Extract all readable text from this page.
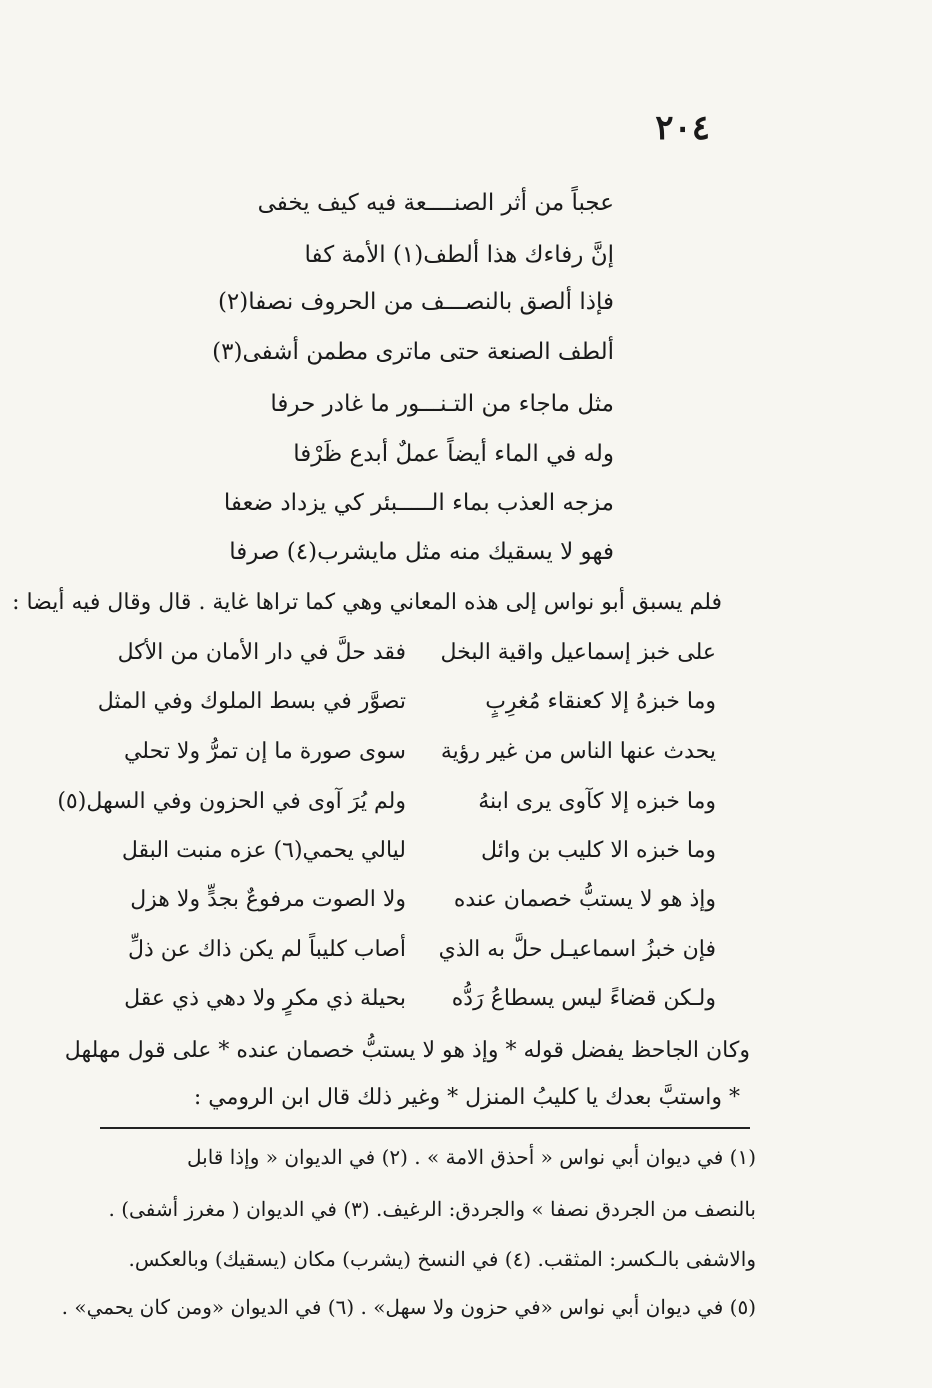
٢٠٤
عجباً من أثر الصنــــعة فيه كيف يخفى
إنَّ رفاءك هذا ألطف(١) الأمة كفا
فإذا ألصق بالنصـــف من الحروف نصفا(٢)
ألطف الصنعة حتى ماترى مطمن أشفى(٣)
مثل ماجاء من التـنـــور ما غادر حرفا
وله في الماء أيضاً عملٌ أبدع ظَرْفا
مزجه العذب بماء الـــــبئر كي يزداد ضعفا
فهو لا يسقيك منه مثل مايشرب(٤) صرفا
فلم يسبق أبو نواس إلى هذه المعاني وهي كما تراها غاية . قال وقال فيه أيضا :
على خبز إسماعيل واقية البخل
فقد حلَّ في دار الأمان من الأكل
وما خبزهُ إلا كعنقاء مُغرِبٍ
تصوَّر في بسط الملوك وفي المثل
يحدث عنها الناس من غير رؤية
سوى صورة ما إن تمرُّ ولا تحلي
وما خبزه إلا كآوى يرى ابنهُ
ولم يُرَ آوى في الحزون وفي السهل(٥)
وما خبزه الا كليب بن وائل
ليالي يحمي(٦) عزه منبت البقل
وإذ هو لا يستبُّ خصمان عنده
ولا الصوت مرفوعٌ بجدٍّ ولا هزل
فإن خبزُ اسماعيـل حلَّ به الذي
أصاب كليباً لم يكن ذاك عن ذلِّ
ولـكن قضاءً ليس يسطاعُ رَدُّه
بحيلة ذي مكرٍ ولا دهي ذي عقل
وكان الجاحظ يفضل قوله * وإذ هو لا يستبُّ خصمان عنده * على قول مهلهل
* واستبَّ بعدك يا كليبُ المنزل * وغير ذلك قال ابن الرومي :
(١) في ديوان أبي نواس « أحذق الامة » . (٢) في الديوان « وإذا قابل
بالنصف من الجردق نصفا » والجردق: الرغيف. (٣) في الديوان ( مغرز أشفى) .
والاشفى بالـكسر: المثقب. (٤) في النسخ (يشرب) مكان (يسقيك) وبالعكس.
(٥) في ديوان أبي نواس «في حزون ولا سهل» . (٦) في الديوان «ومن كان يحمي» .
